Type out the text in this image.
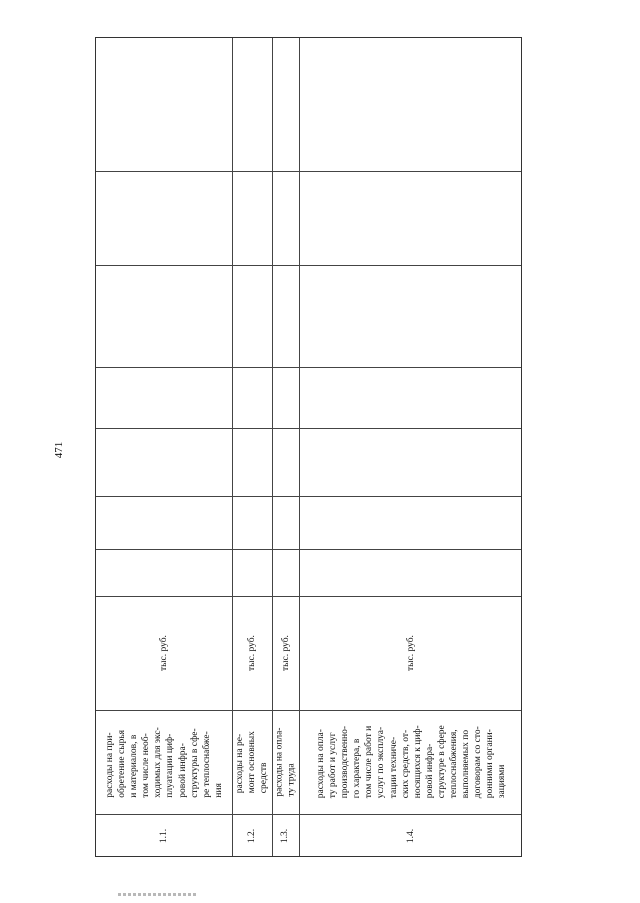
471
1.1.
расходы на при- обретение сырья и материалов, в том числе необ- ходимых для экс- плуатации циф- ровой инфра- структуры в сфе- ре теплоснабже- ния
тыс. руб.
1.2.
расходы на ре- монт основных средств
тыс. руб.
1.3.
расходы на опла- ту труда
тыс. руб.
1.4.
расходы на опла- ту работ и услуг производственно- го характера, в том числе работ и услуг по эксплуа- тации техниче- ских средств, от- носящихся к циф- ровой инфра- структуре в сфере теплоснабжения, выполняемых по договорам со сто- ронними органи- зациями
тыс. руб.
